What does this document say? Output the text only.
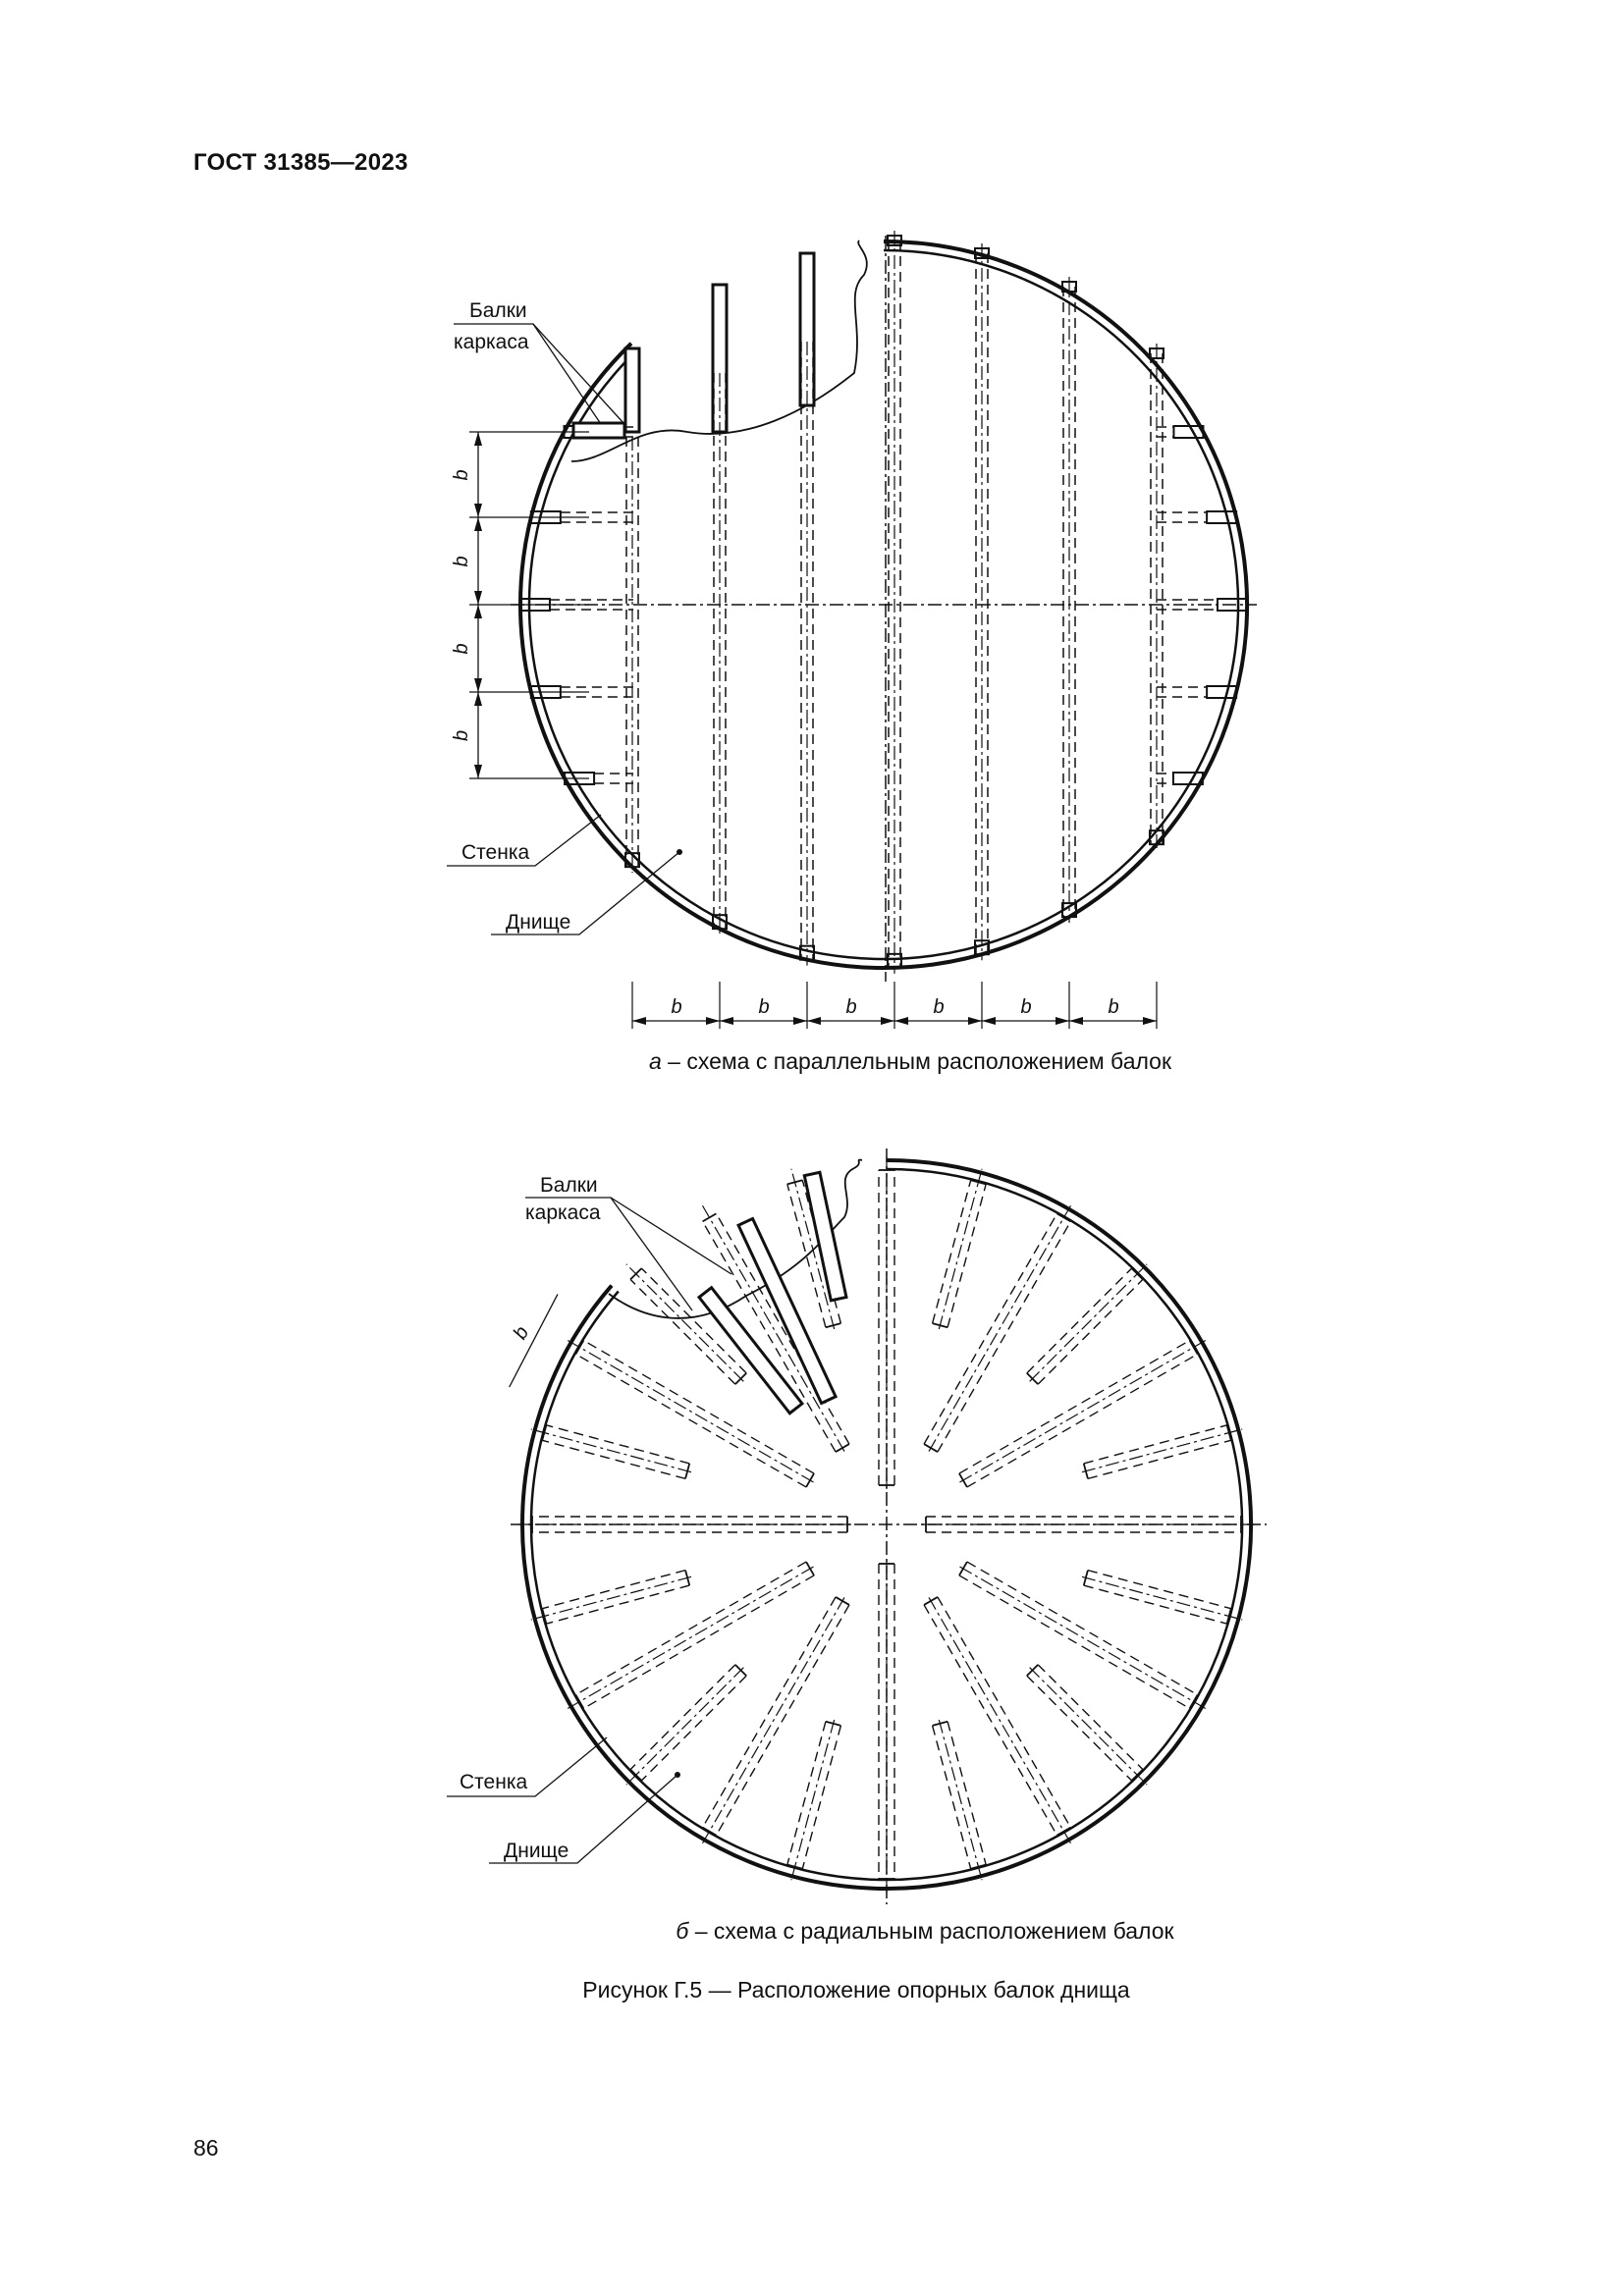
ГОСТ 31385—2023
b
b
b
b
b	b	b	b	b	b
b
Балки
каркаса
Стенка
Днище
Балки
каркаса
Стенка
Днище
а – схема с параллельным расположением балок
б – схема с радиальным расположением балок
Рисунок Г.5 — Расположение опорных балок днища
86
